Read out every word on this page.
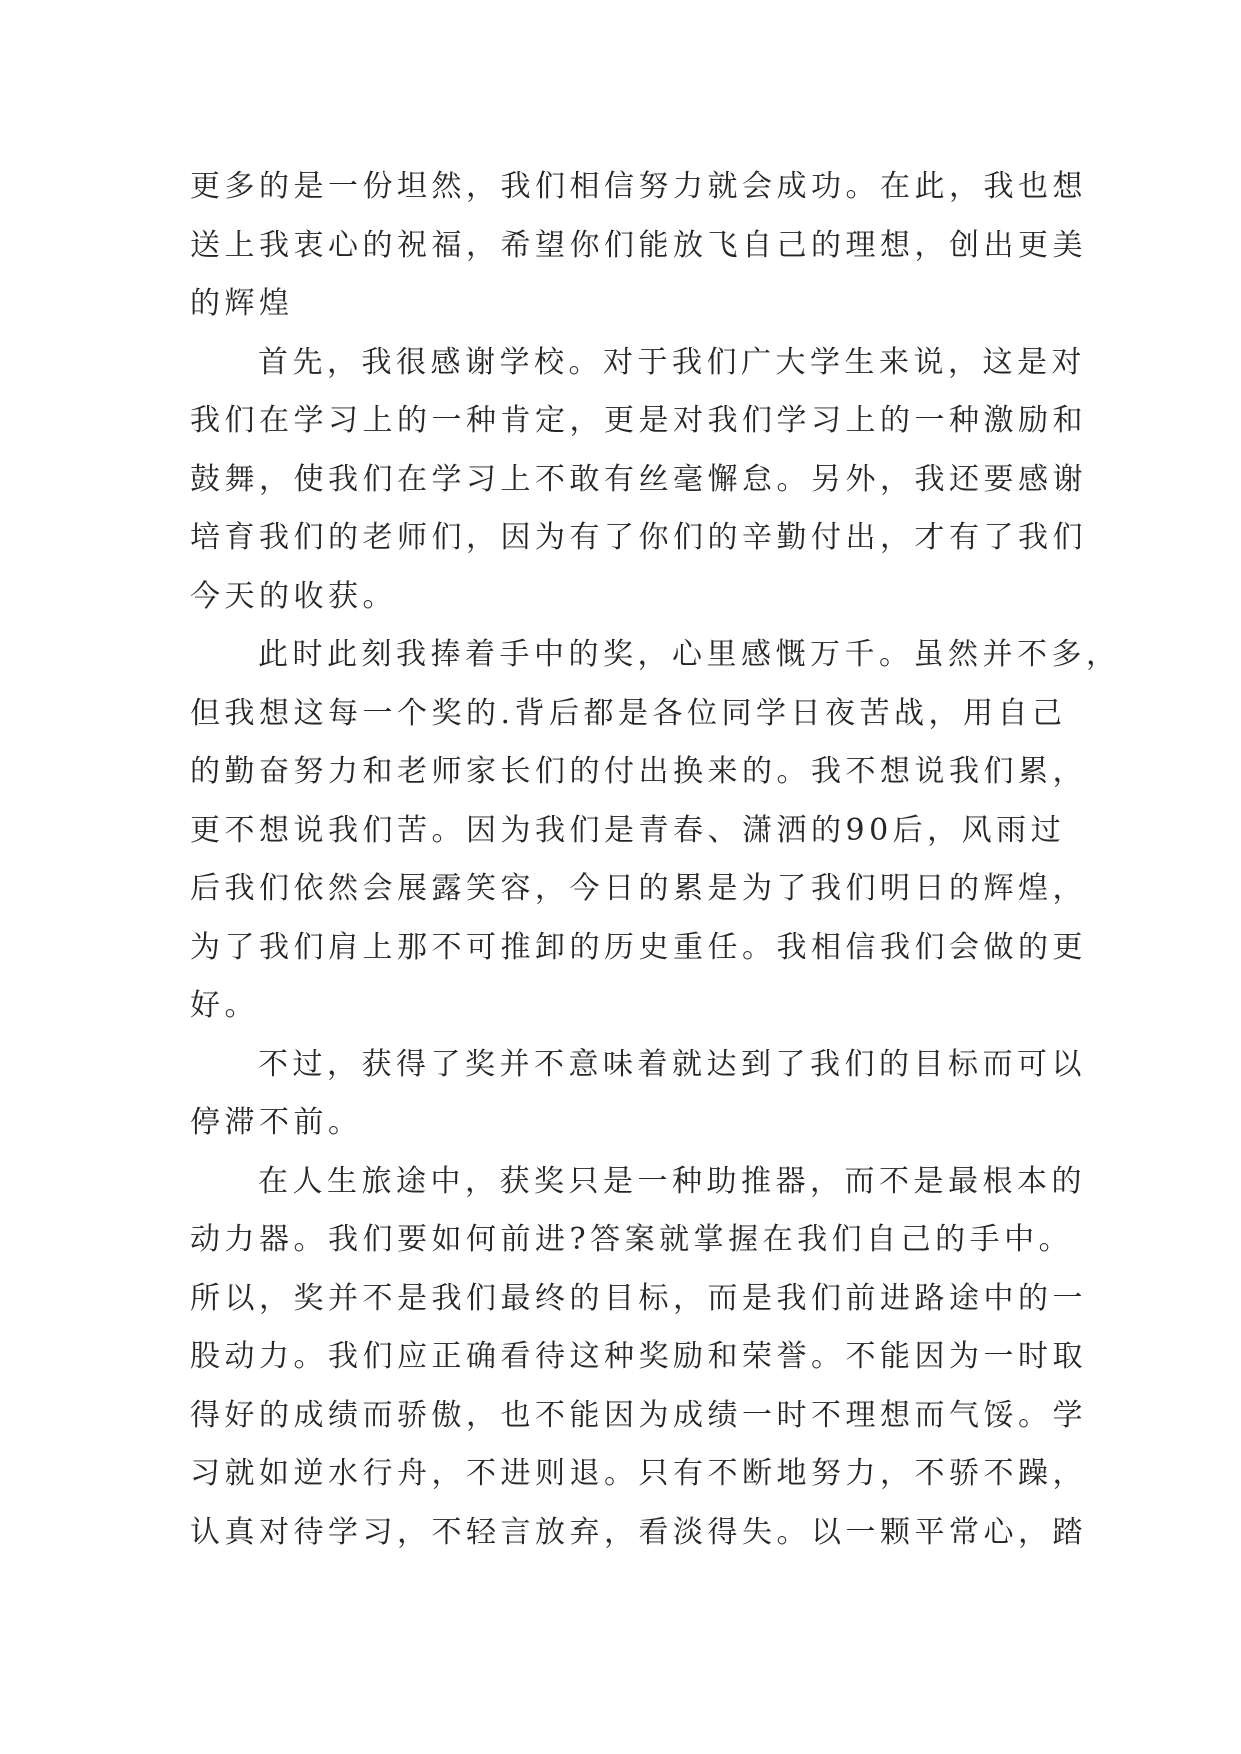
更多的是一份坦然，我们相信努力就会成功。在此，我也想
送上我衷心的祝福，希望你们能放飞自己的理想，创出更美
的辉煌

首先，我很感谢学校。对于我们广大学生来说，这是对
我们在学习上的一种肯定，更是对我们学习上的一种激励和
鼓舞，使我们在学习上不敢有丝毫懈怠。另外，我还要感谢
培育我们的老师们，因为有了你们的辛勤付出，才有了我们
今天的收获。

此时此刻我捧着手中的奖，心里感慨万千。虽然并不多，
但我想这每一个奖的.背后都是各位同学日夜苦战，用自己
的勤奋努力和老师家长们的付出换来的。我不想说我们累，
更不想说我们苦。因为我们是青春、潇洒的90后，风雨过
后我们依然会展露笑容，今日的累是为了我们明日的辉煌，
为了我们肩上那不可推卸的历史重任。我相信我们会做的更
好。

不过，获得了奖并不意味着就达到了我们的目标而可以
停滞不前。

在人生旅途中，获奖只是一种助推器，而不是最根本的
动力器。我们要如何前进?答案就掌握在我们自己的手中。
所以，奖并不是我们最终的目标，而是我们前进路途中的一
股动力。我们应正确看待这种奖励和荣誉。不能因为一时取
得好的成绩而骄傲，也不能因为成绩一时不理想而气馁。学
习就如逆水行舟，不进则退。只有不断地努力，不骄不躁，
认真对待学习，不轻言放弃，看淡得失。以一颗平常心，踏
